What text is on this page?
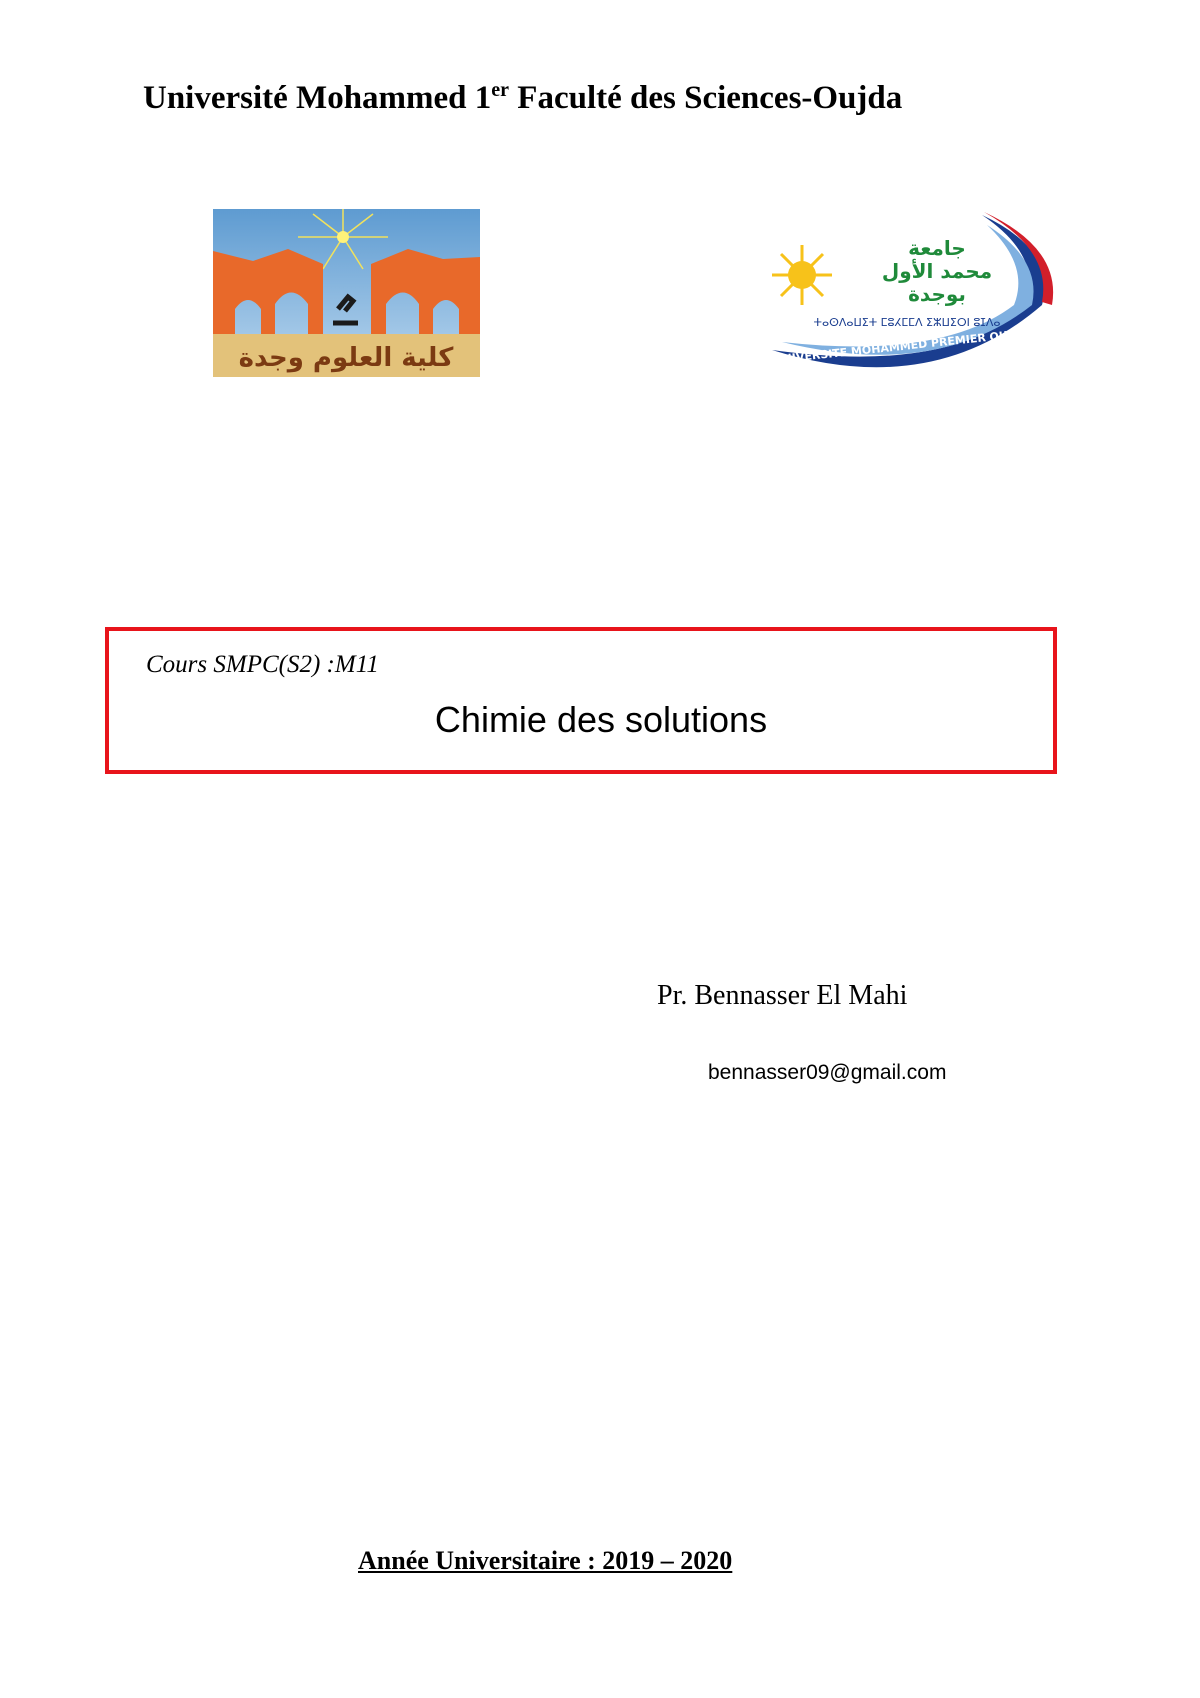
Université Mohammed 1er Faculté des Sciences-Oujda
كلية العلوم وجدة
جامعة
محمد الأول
بوجدة
ⵜⴰⵙⴷⴰⵡⵉⵜ ⵎⵓⵃⵎⵎⴷ ⵉⵣⵡⵉⵔⵏ ⵓⵊⴷⴰ
UNIVERSITE MOHAMMED PREMIER OUJDA
Cours SMPC(S2) :M11
Chimie des solutions
Pr. Bennasser El Mahi
bennasser09@gmail.com
Année Universitaire : 2019 – 2020
